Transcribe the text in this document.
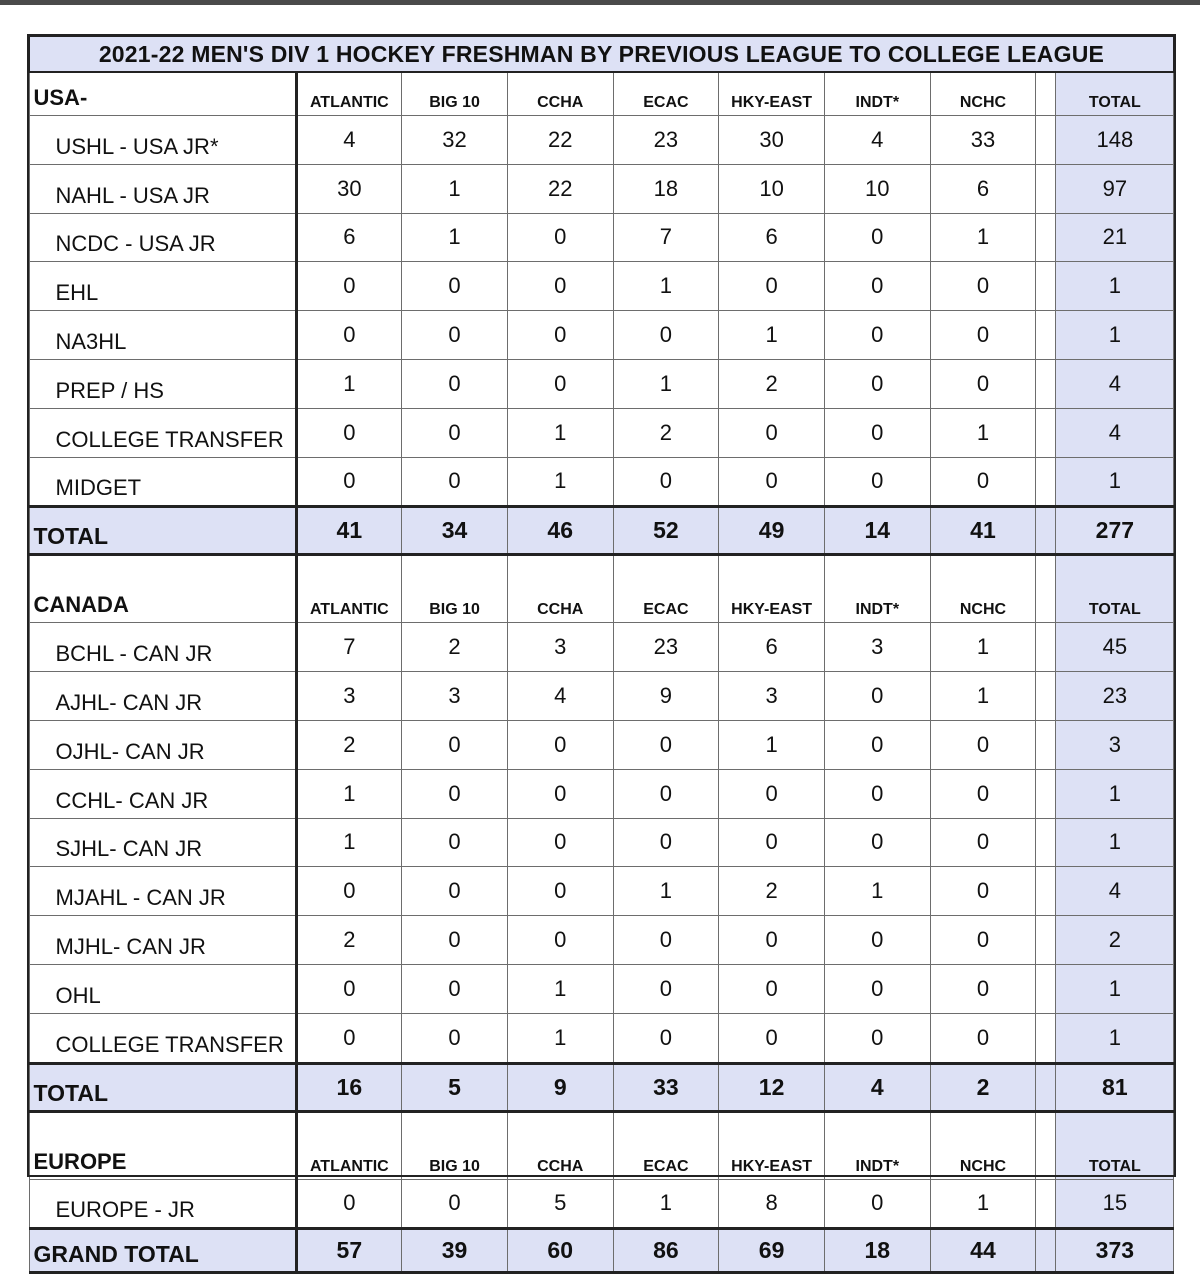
2021-22 MEN'S DIV 1 HOCKEY FRESHMAN BY PREVIOUS LEAGUE TO COLLEGE LEAGUE									
USA-	ATLANTIC	BIG 10	CCHA	ECAC	HKY-EAST	INDT*	NCHC		TOTAL
USHL - USA JR*	4	32	22	23	30	4	33		148
NAHL - USA JR	30	1	22	18	10	10	6		97
NCDC - USA JR	6	1	0	7	6	0	1		21
EHL	0	0	0	1	0	0	0		1
NA3HL	0	0	0	0	1	0	0		1
PREP / HS	1	0	0	1	2	0	0		4
COLLEGE TRANSFER	0	0	1	2	0	0	1		4
MIDGET	0	0	1	0	0	0	0		1
TOTAL	41	34	46	52	49	14	41		277
CANADA	ATLANTIC	BIG 10	CCHA	ECAC	HKY-EAST	INDT*	NCHC		TOTAL
BCHL - CAN JR	7	2	3	23	6	3	1		45
AJHL- CAN JR	3	3	4	9	3	0	1		23
OJHL- CAN JR	2	0	0	0	1	0	0		3
CCHL- CAN JR	1	0	0	0	0	0	0		1
SJHL- CAN JR	1	0	0	0	0	0	0		1
MJAHL - CAN JR	0	0	0	1	2	1	0		4
MJHL- CAN JR	2	0	0	0	0	0	0		2
OHL	0	0	1	0	0	0	0		1
COLLEGE TRANSFER	0	0	1	0	0	0	0		1
TOTAL	16	5	9	33	12	4	2		81
EUROPE	ATLANTIC	BIG 10	CCHA	ECAC	HKY-EAST	INDT*	NCHC		TOTAL
EUROPE - JR	0	0	5	1	8	0	1		15
GRAND TOTAL	57	39	60	86	69	18	44		373
